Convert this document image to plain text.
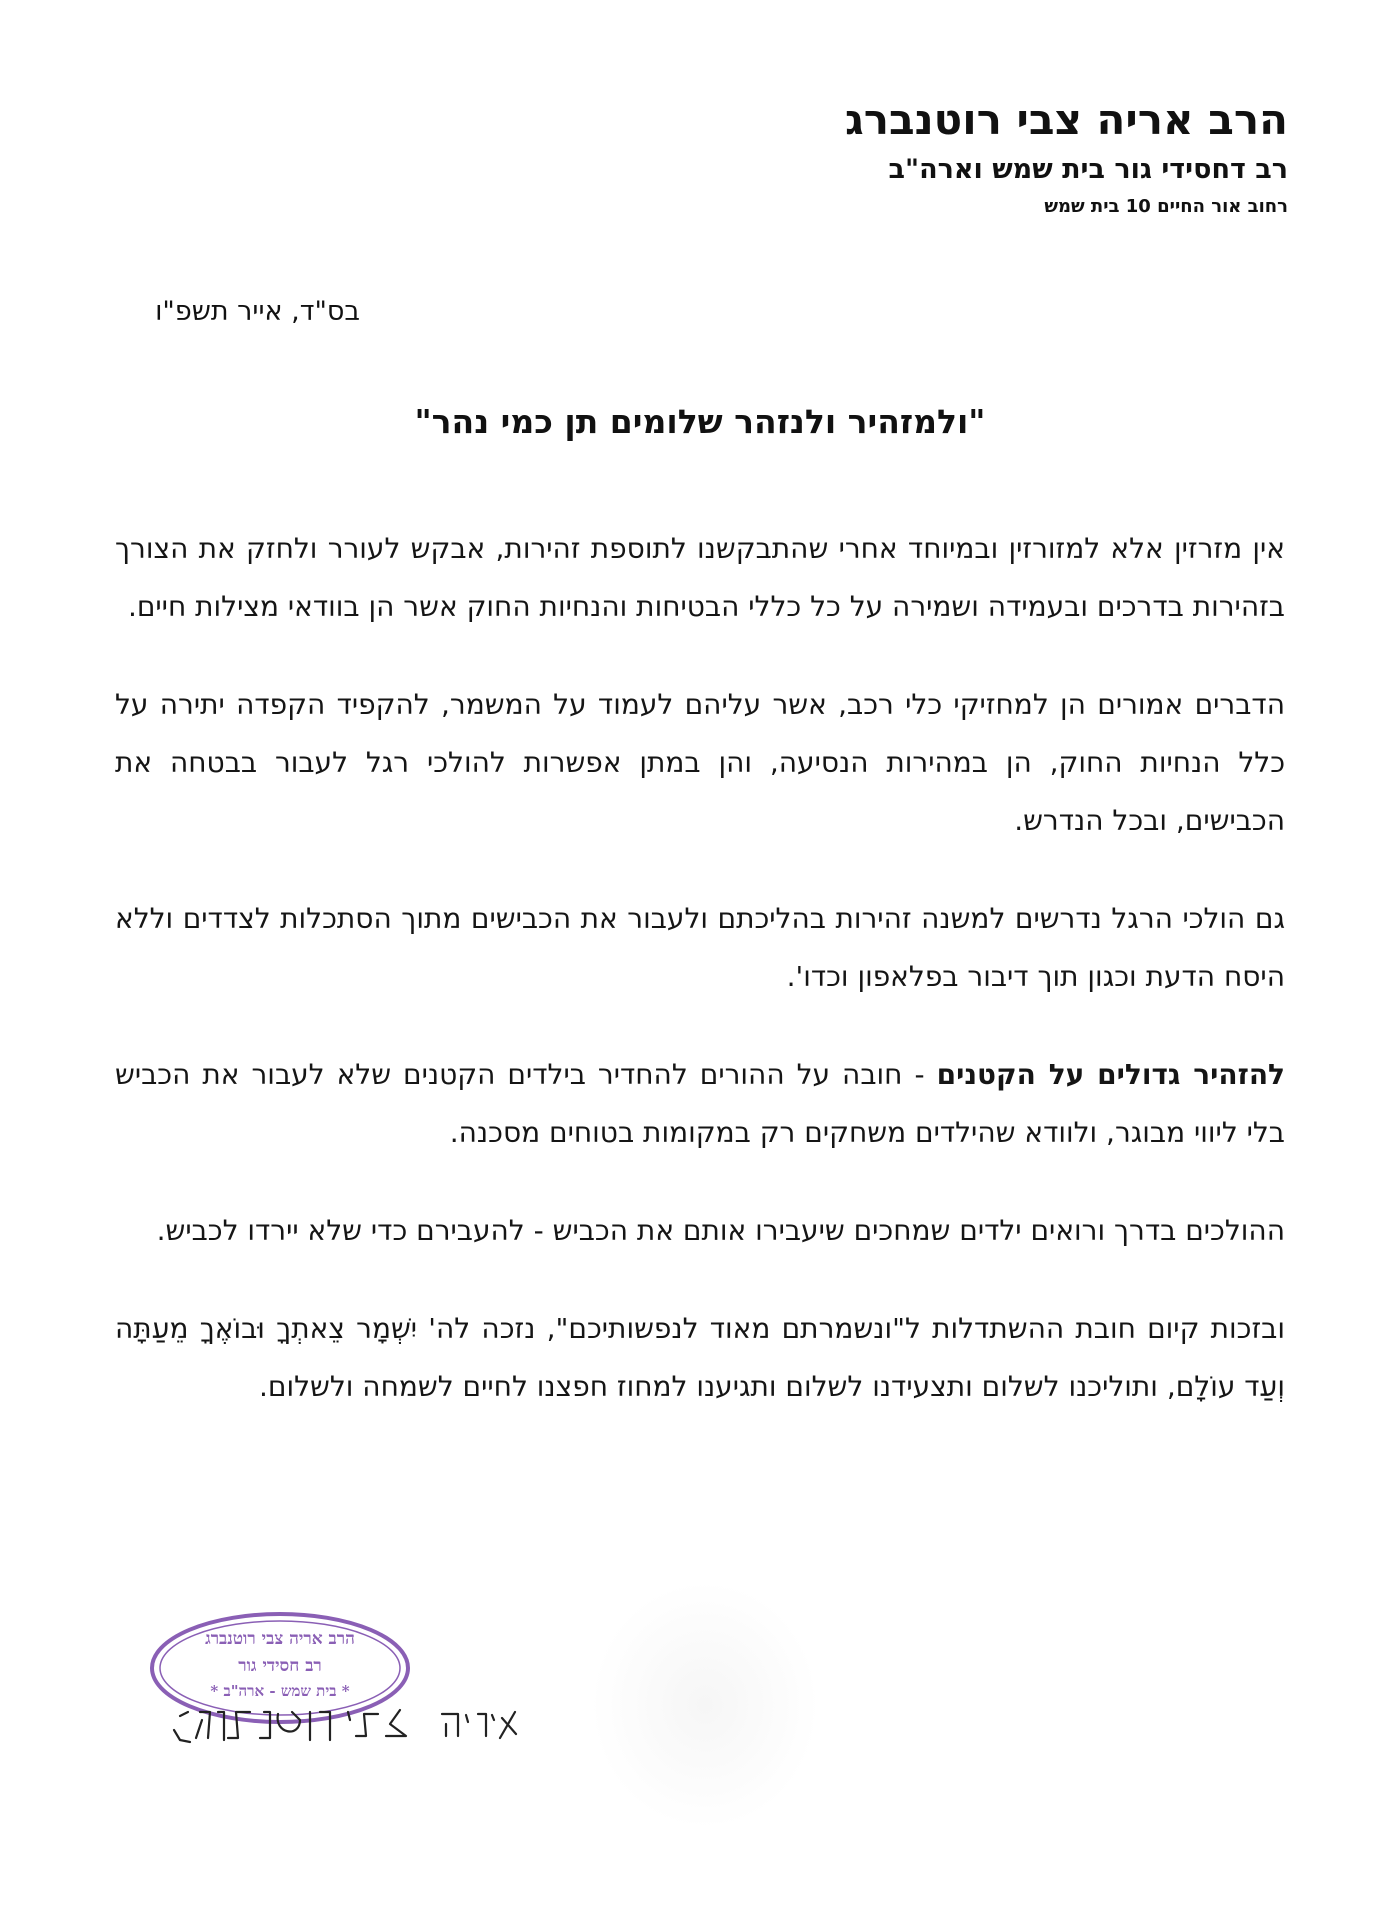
הרב אריה צבי רוטנברג
רב דחסידי גור בית שמש וארה"ב
רחוב אור החיים 10 בית שמש
בס"ד, אייר תשפ"ו
"ולמזהיר ולנזהר שלומים תן כמי נהר"

אין מזרזין אלא למזורזין ובמיוחד אחרי שהתבקשנו לתוספת זהירות, אבקש לעורר ולחזק את הצורך בזהירות בדרכים ובעמידה ושמירה על כל כללי הבטיחות והנחיות החוק אשר הן בוודאי מצילות חיים.

הדברים אמורים הן למחזיקי כלי רכב, אשר עליהם לעמוד על המשמר, להקפיד הקפדה יתירה על כלל הנחיות החוק, הן במהירות הנסיעה, והן במתן אפשרות להולכי רגל לעבור בבטחה את הכבישים, ובכל הנדרש.

גם הולכי הרגל נדרשים למשנה זהירות בהליכתם ולעבור את הכבישים מתוך הסתכלות לצדדים וללא היסח הדעת וכגון תוך דיבור בפלאפון וכדו'.

להזהיר גדולים על הקטנים - חובה על ההורים להחדיר בילדים הקטנים שלא לעבור את הכביש בלי ליווי מבוגר, ולוודא שהילדים משחקים רק במקומות בטוחים מסכנה.

ההולכים בדרך ורואים ילדים שמחכים שיעבירו אותם את הכביש - להעבירם כדי שלא יירדו לכביש.

ובזכות קיום חובת ההשתדלות ל"ונשמרתם מאוד לנפשותיכם", נזכה לה' יִשְׁמָר צֵאתְךָ וּבוֹאֶךָ מֵעַתָּה וְעַד עוֹלָם, ותוליכנו לשלום ותצעידנו לשלום ותגיענו למחוז חפצנו לחיים לשמחה ולשלום.

הרב אריה צבי רוטנברג
רב חסידי גור
* בית שמש - ארה"ב *
